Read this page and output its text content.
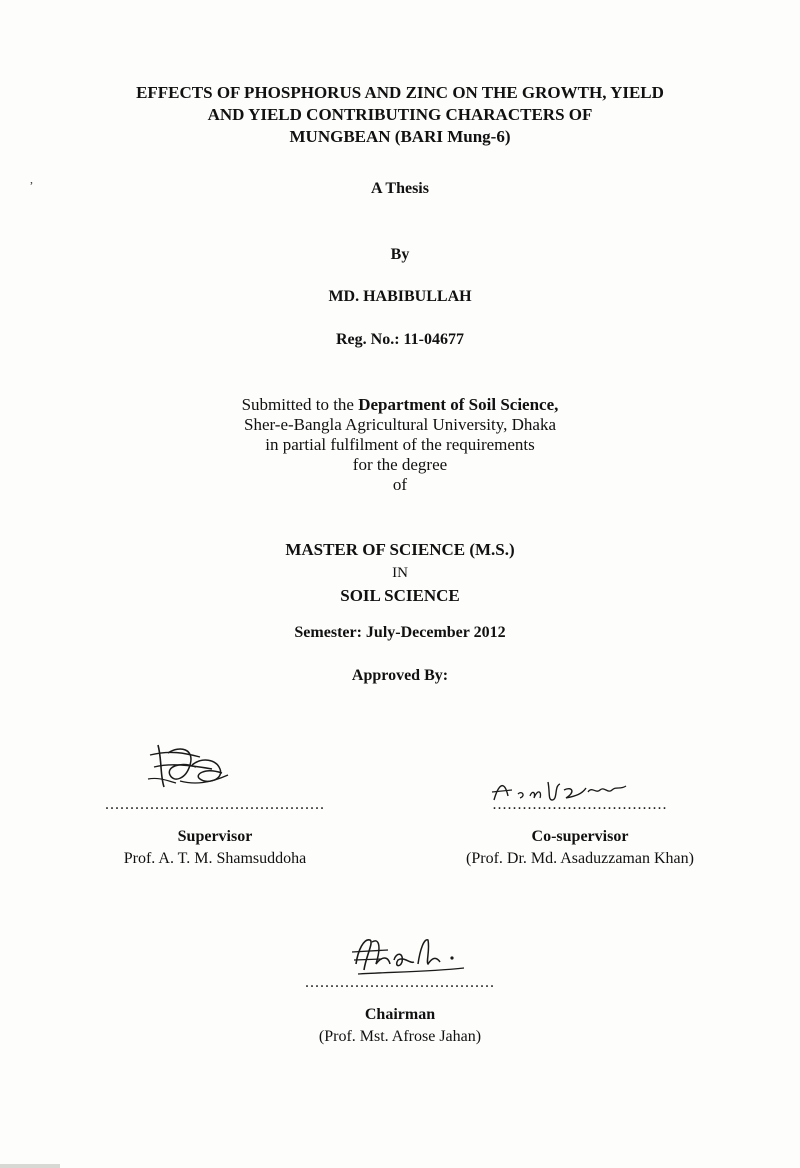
,
EFFECTS OF PHOSPHORUS AND ZINC ON THE GROWTH, YIELD
AND YIELD CONTRIBUTING CHARACTERS OF
MUNGBEAN (BARI Mung-6)
A Thesis
By
MD. HABIBULLAH
Reg. No.: 11-04677
Submitted to the Department of Soil Science,
Sher-e-Bangla Agricultural University, Dhaka
in partial fulfilment of the requirements
for the degree
of
MASTER OF SCIENCE (M.S.)
IN
SOIL SCIENCE
Semester: July-December 2012
Approved By:
............................................
Supervisor
Prof. A. T. M. Shamsuddoha
...................................
Co-supervisor
(Prof. Dr. Md. Asaduzzaman Khan)
......................................
Chairman
(Prof. Mst. Afrose Jahan)
